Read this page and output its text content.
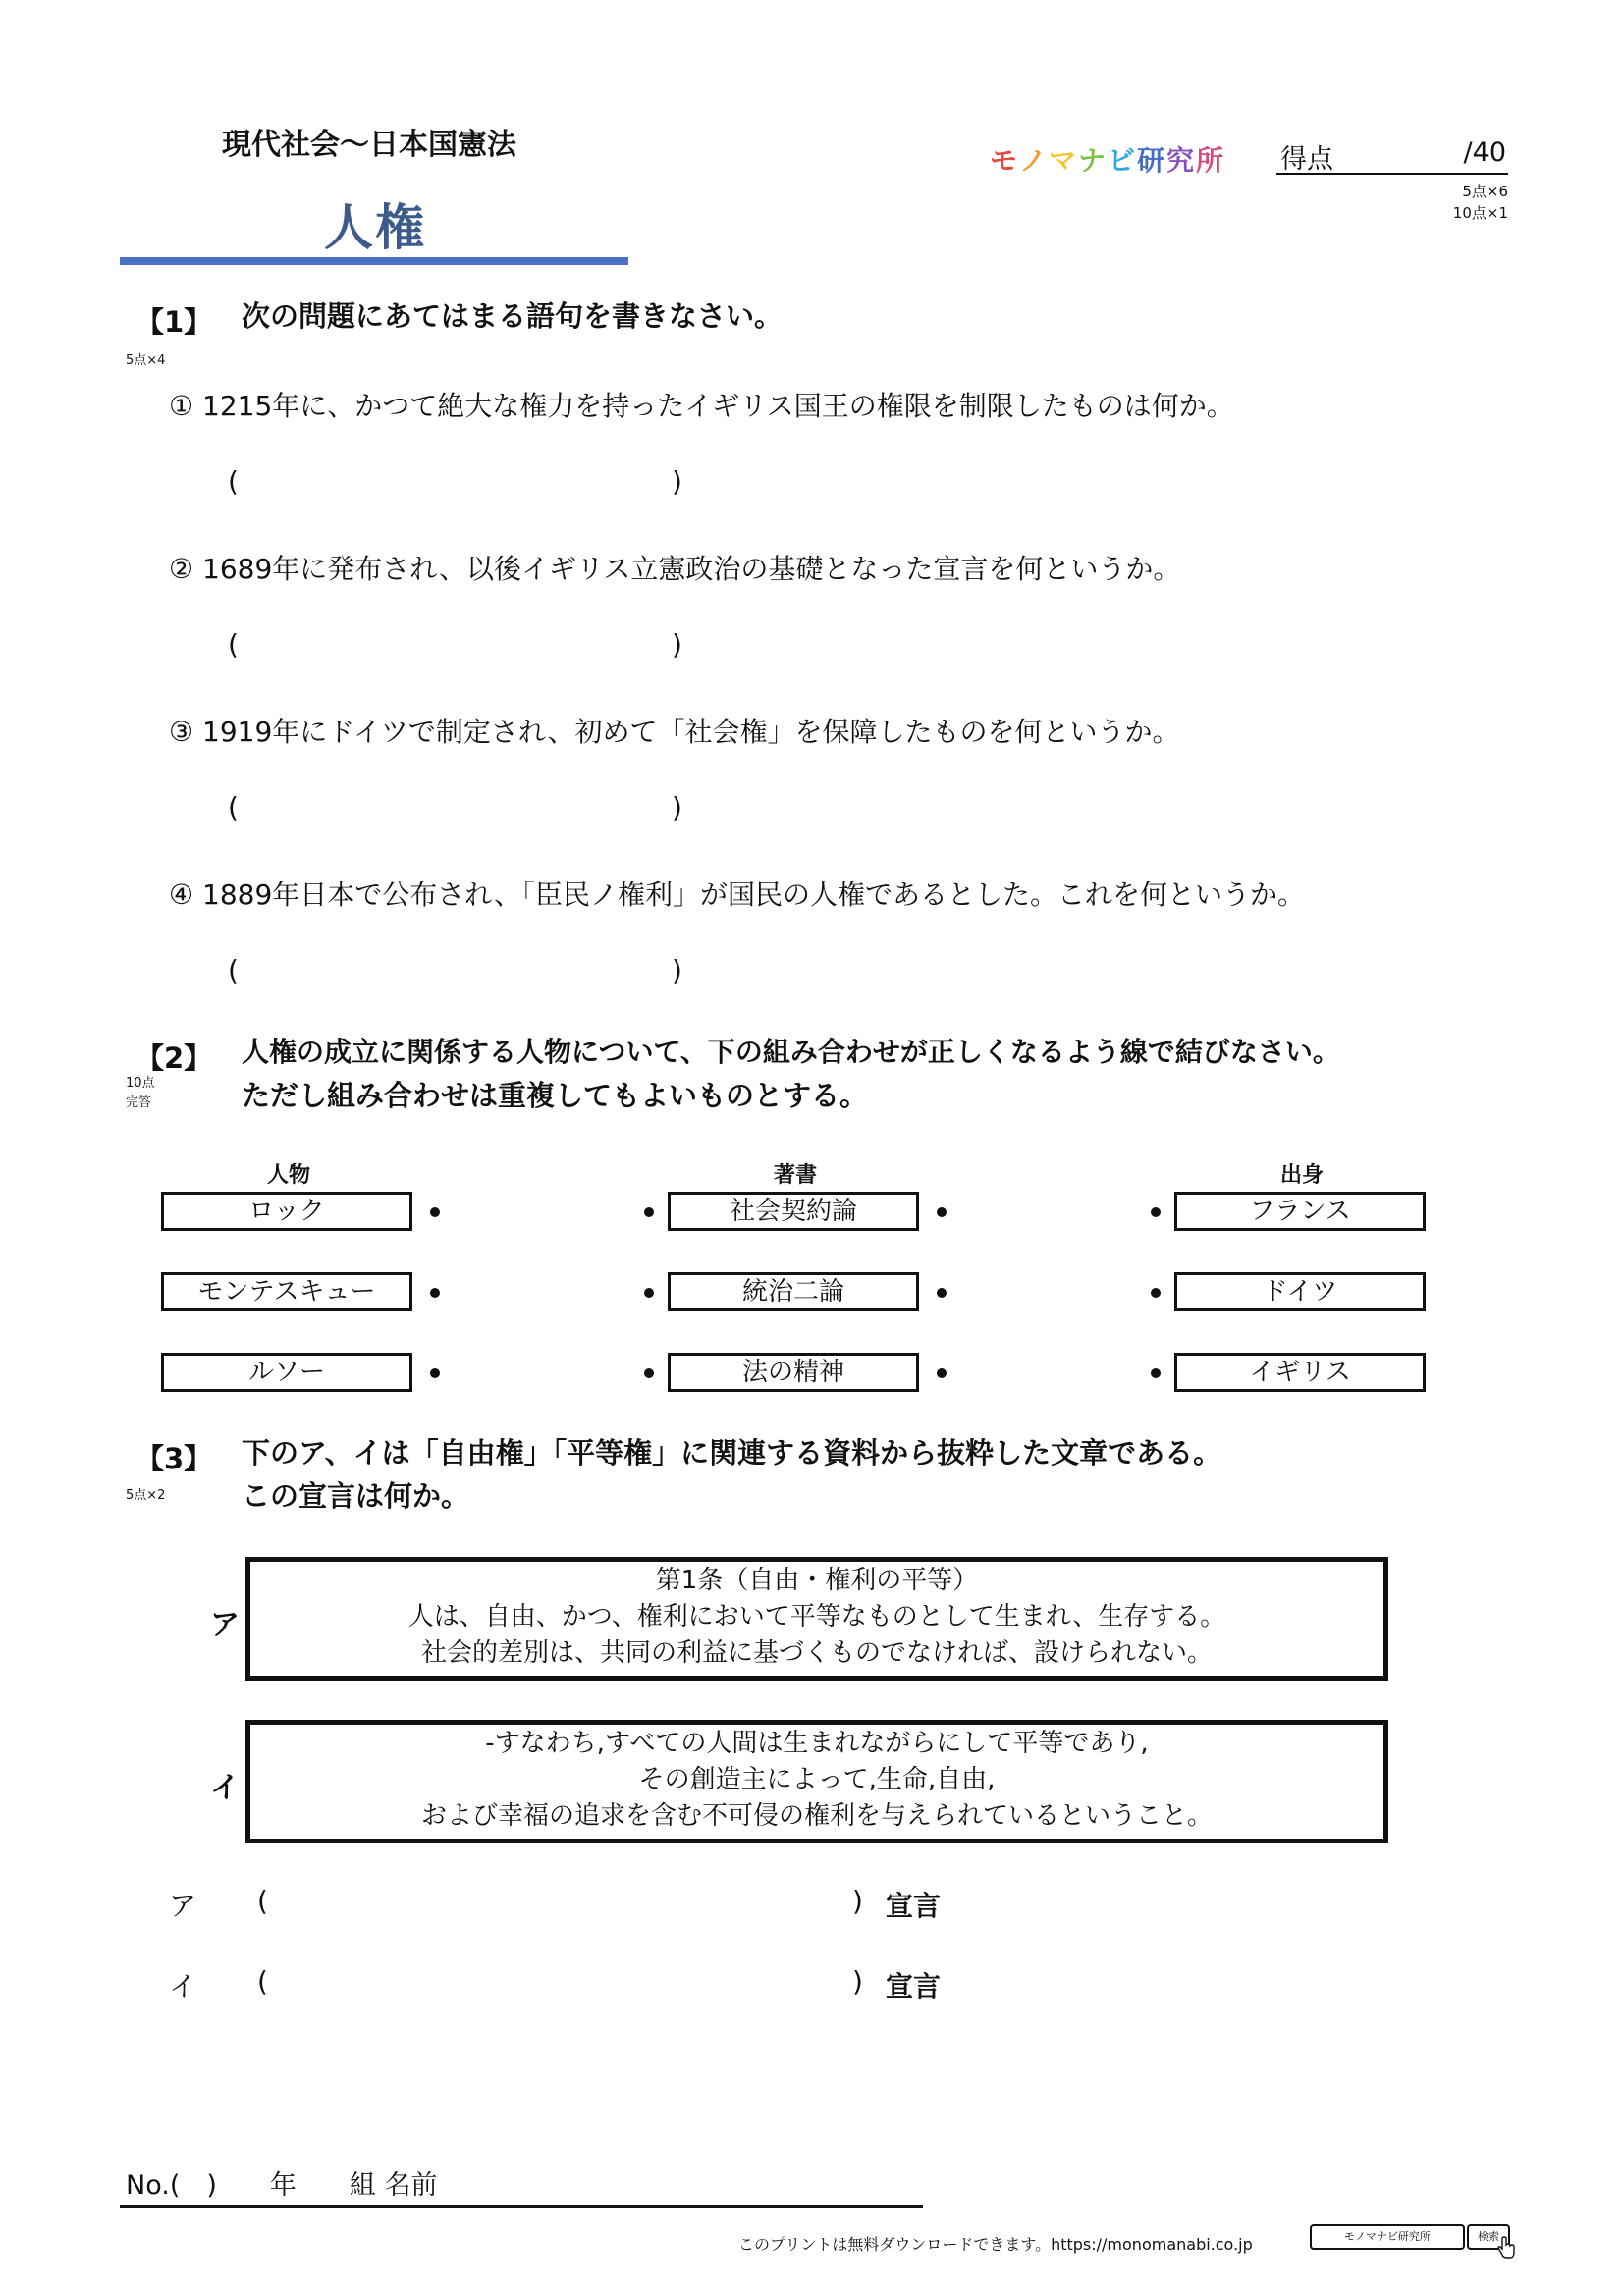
現代社会～日本国憲法
人権
モノマナビ研究所 得点	/40
5点×6
10点×1
【1】 次の問題にあてはまる語句を書きなさい。
5点×4
① 1215年に、かつて絶大な権力を持ったイギリス国王の権限を制限したものは何か。
(	)
② 1689年に発布され、以後イギリス立憲政治の基礎となった宣言を何というか。
(	)
③ 1919年にドイツで制定され、初めて「社会権」を保障したものを何というか。
(	)
④ 1889年日本で公布され、「臣民ノ権利」が国民の人権であるとした。これを何というか。
(	)
【2】 人権の成立に関係する人物について、下の組み合わせが正しくなるよう線で結びなさい。
ただし組み合わせは重複してもよいものとする。
10点
完答
人物	著書	出身
ロック	社会契約論	フランス
モンテスキュー	統治二論	ドイツ
ルソー	法の精神	イギリス
【3】 下のア、イは「自由権」「平等権」に関連する資料から抜粋した文章である。
この宣言は何か。
5点×2
ア
第1条（自由・権利の平等）
人は、自由、かつ、権利において平等なものとして生まれ、生存する。
社会的差別は、共同の利益に基づくものでなければ、設けられない。
イ
-すなわち,すべての人間は生まれながらにして平等であり,
その創造主によって,生命,自由,
および幸福の追求を含む不可侵の権利を与えられているということ。
ア (	) 宣言
イ (	) 宣言
No.(　)　　年　　組 名前
このプリントは無料ダウンロードできます。https://monomanabi.co.jp	モノマナビ研究所	検索
